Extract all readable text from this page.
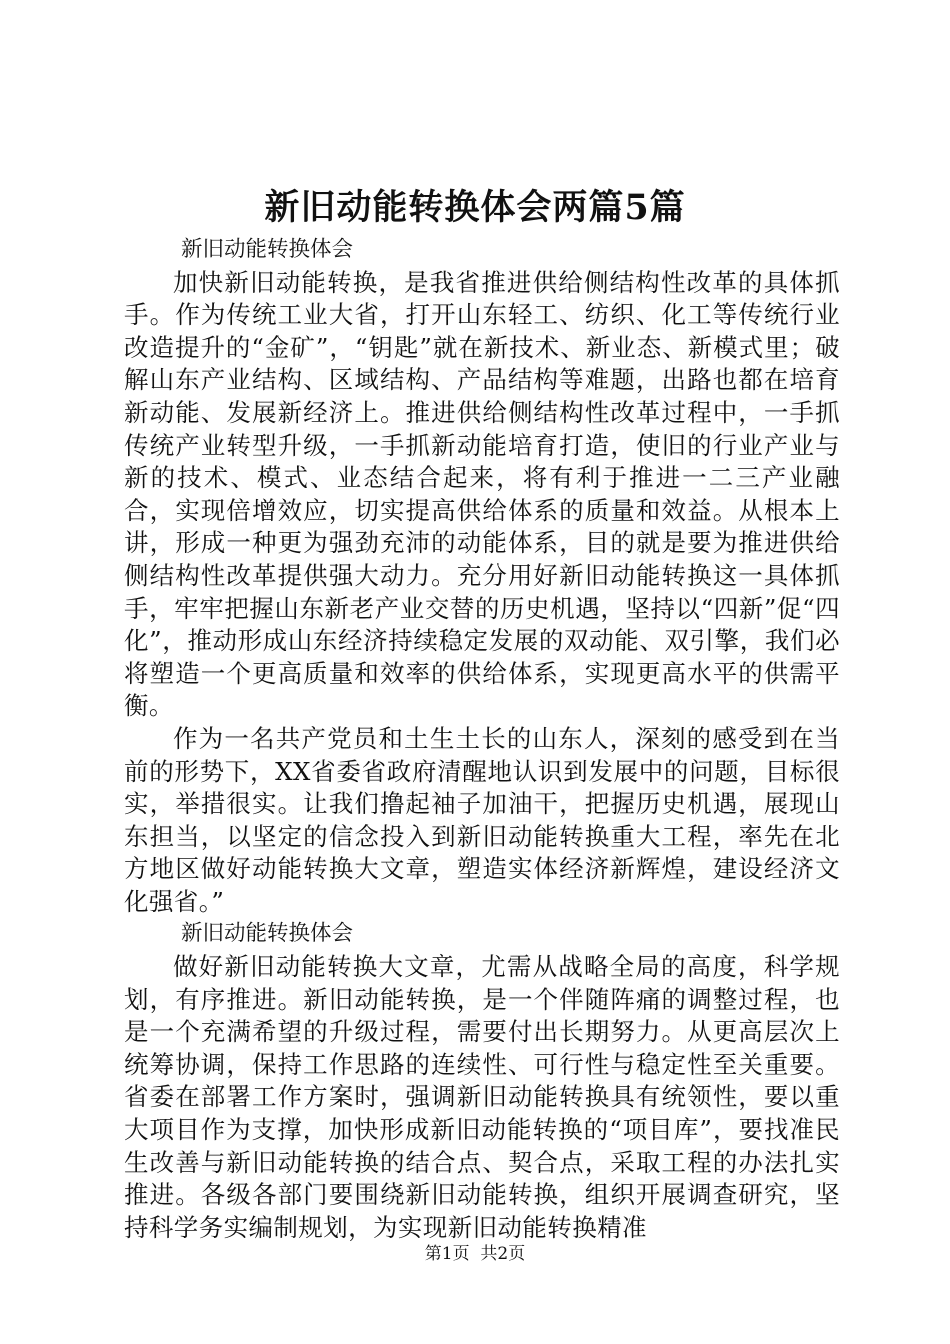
新旧动能转换体会两篇5篇

新旧动能转换体会

加快新旧动能转换，是我省推进供给侧结构性改革的具体抓手。作为传统工业大省，打开山东轻工、纺织、化工等传统行业改造提升的“金矿”，“钥匙”就在新技术、新业态、新模式里；破解山东产业结构、区域结构、产品结构等难题，出路也都在培育新动能、发展新经济上。推进供给侧结构性改革过程中，一手抓传统产业转型升级，一手抓新动能培育打造，使旧的行业产业与新的技术、模式、业态结合起来，将有利于推进一二三产业融合，实现倍增效应，切实提高供给体系的质量和效益。从根本上讲，形成一种更为强劲充沛的动能体系，目的就是要为推进供给侧结构性改革提供强大动力。充分用好新旧动能转换这一具体抓手，牢牢把握山东新老产业交替的历史机遇，坚持以“四新”促“四化”，推动形成山东经济持续稳定发展的双动能、双引擎，我们必将塑造一个更高质量和效率的供给体系，实现更高水平的供需平衡。

作为一名共产党员和土生土长的山东人，深刻的感受到在当前的形势下，XX省委省政府清醒地认识到发展中的问题，目标很实，举措很实。让我们撸起袖子加油干，把握历史机遇，展现山东担当，以坚定的信念投入到新旧动能转换重大工程，率先在北方地区做好动能转换大文章，塑造实体经济新辉煌，建设经济文化强省。”

新旧动能转换体会

做好新旧动能转换大文章，尤需从战略全局的高度，科学规划，有序推进。新旧动能转换，是一个伴随阵痛的调整过程，也是一个充满希望的升级过程，需要付出长期努力。从更高层次上统筹协调，保持工作思路的连续性、可行性与稳定性至关重要。省委在部署工作方案时，强调新旧动能转换具有统领性，要以重大项目作为支撑，加快形成新旧动能转换的“项目库”，要找准民生改善与新旧动能转换的结合点、契合点，采取工程的办法扎实推进。各级各部门要围绕新旧动能转换，组织开展调查研究，坚持科学务实编制规划，为实现新旧动能转换精准

第1页 共2页
